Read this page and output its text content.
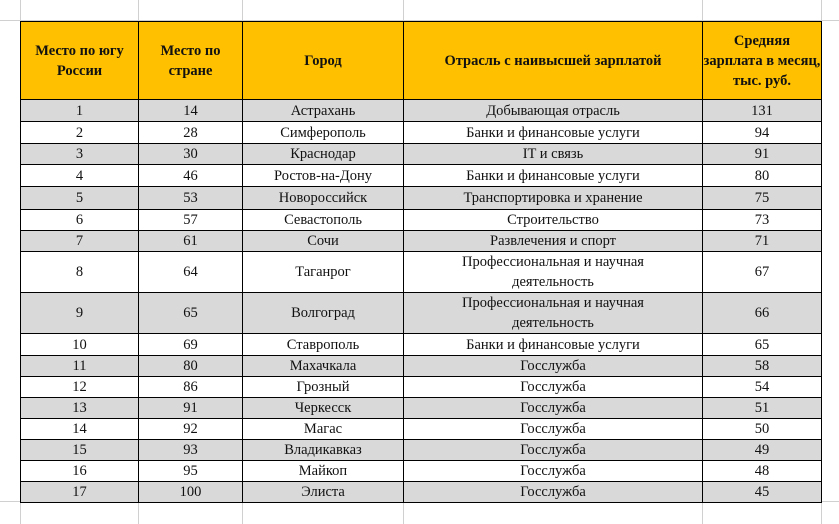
Место по югу России	Место по стране	Город	Отрасль с наивысшей зарплатой	Средняя зарплата в месяц, тыс. руб.
1	14	Астрахань	Добывающая отрасль	131
2	28	Симферополь	Банки и финансовые услуги	94
3	30	Краснодар	IT и связь	91
4	46	Ростов-на-Дону	Банки и финансовые услуги	80
5	53	Новороссийск	Транспортировка и хранение	75
6	57	Севастополь	Строительство	73
7	61	Сочи	Развлечения и спорт	71
8	64	Таганрог	Профессиональная и научная деятельность	67
9	65	Волгоград	Профессиональная и научная деятельность	66
10	69	Ставрополь	Банки и финансовые услуги	65
11	80	Махачкала	Госслужба	58
12	86	Грозный	Госслужба	54
13	91	Черкесск	Госслужба	51
14	92	Магас	Госслужба	50
15	93	Владикавказ	Госслужба	49
16	95	Майкоп	Госслужба	48
17	100	Элиста	Госслужба	45
